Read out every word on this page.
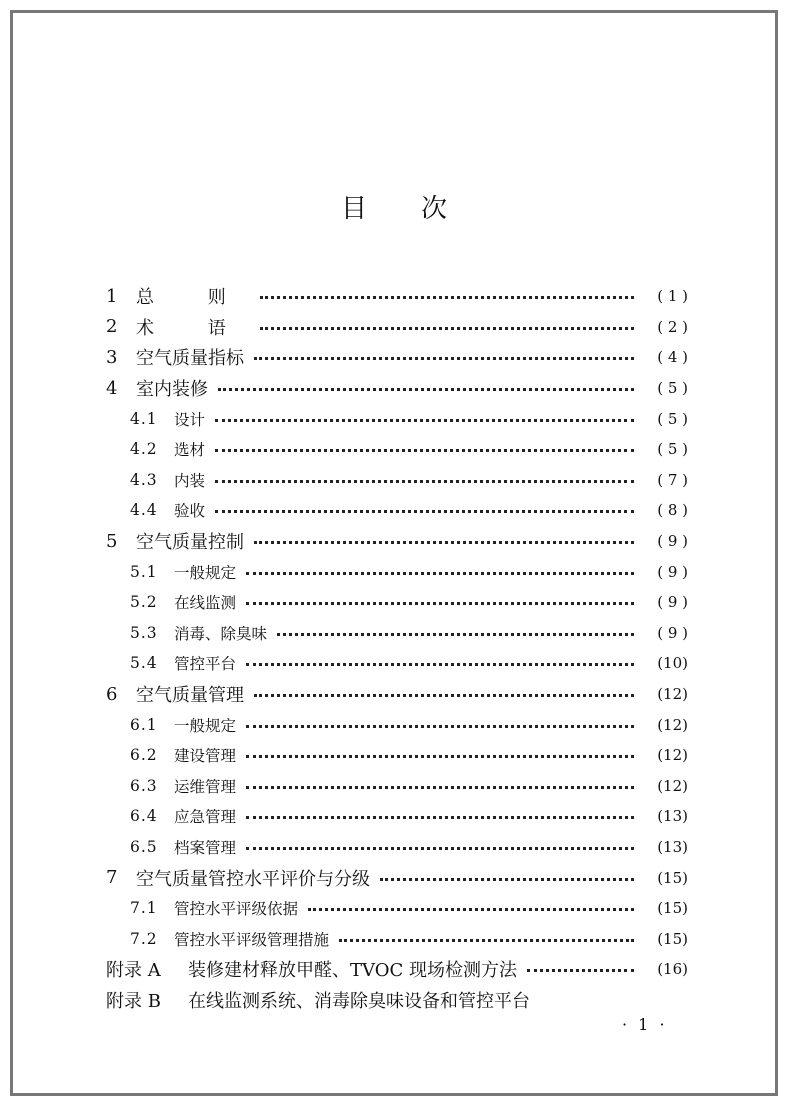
目 次
1	总 则	( 1 )
2	术 语	( 2 )
3	空气质量指标	( 4 )
4	室内装修	( 5 )
4.1	设计	( 5 )
4.2	选材	( 5 )
4.3	内装	( 7 )
4.4	验收	( 8 )
5	空气质量控制	( 9 )
5.1	一般规定	( 9 )
5.2	在线监测	( 9 )
5.3	消毒、除臭味	( 9 )
5.4	管控平台	(10)
6	空气质量管理	(12)
6.1	一般规定	(12)
6.2	建设管理	(12)
6.3	运维管理	(12)
6.4	应急管理	(13)
6.5	档案管理	(13)
7	空气质量管控水平评价与分级	(15)
7.1	管控水平评级依据	(15)
7.2	管控水平评级管理措施	(15)
附录 A	装修建材释放甲醛、TVOC 现场检测方法	(16)
附录 B	在线监测系统、消毒除臭味设备和管控平台
· 1 ·
